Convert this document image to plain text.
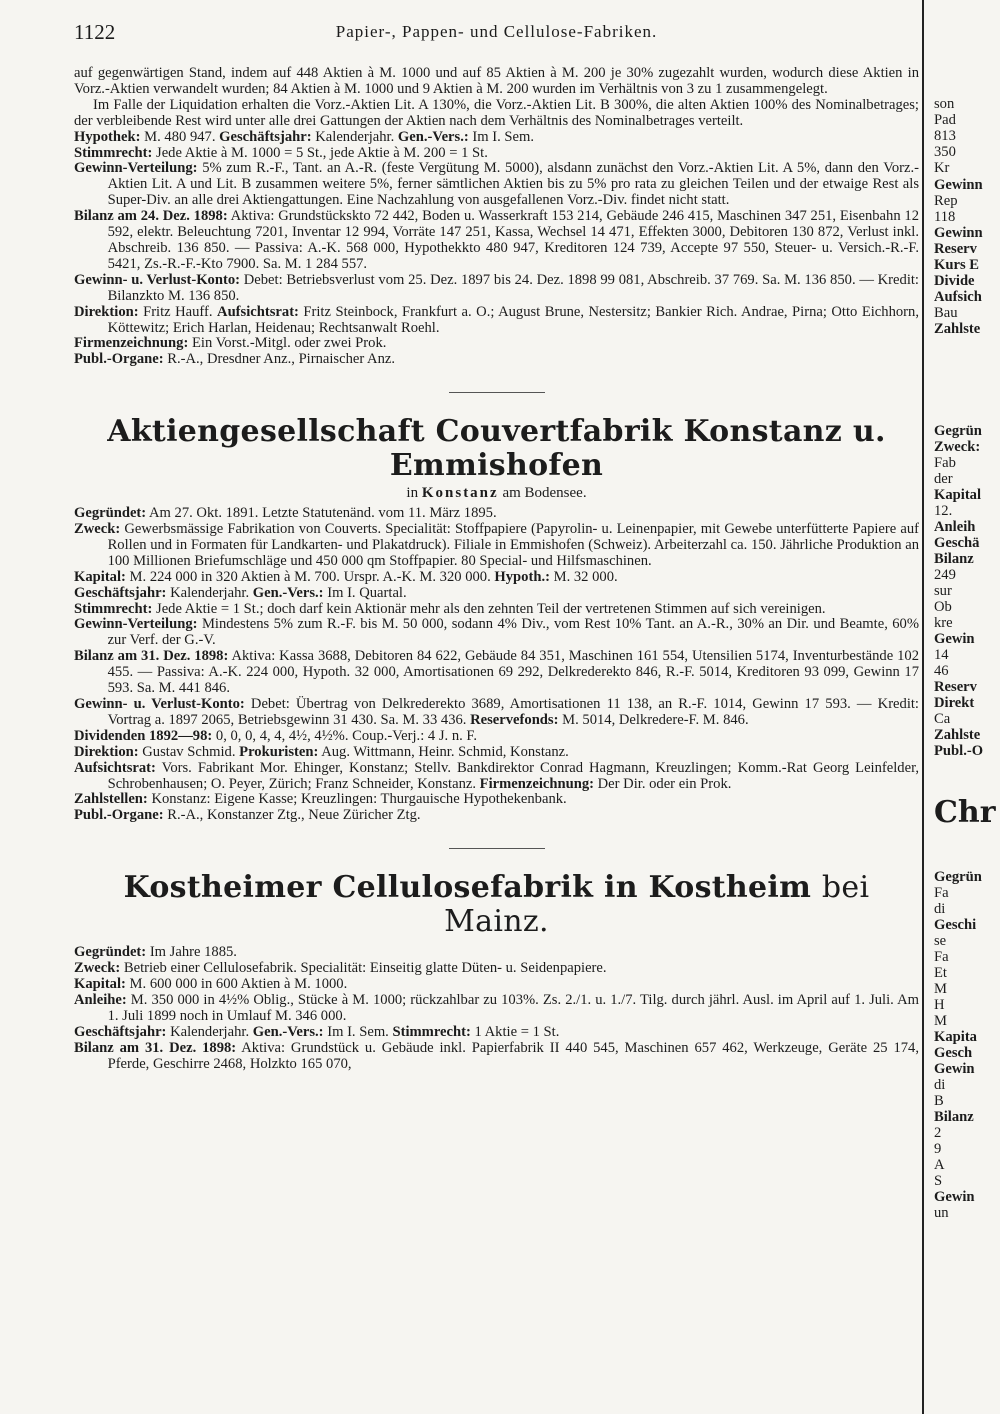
1122	Papier-, Pappen- und Cellulose-Fabriken.

auf gegenwärtigen Stand, indem auf 448 Aktien à M. 1000 und auf 85 Aktien à M. 200 je 30% zugezahlt wurden, wodurch diese Aktien in Vorz.-Aktien verwandelt wurden; 84 Aktien à M. 1000 und 9 Aktien à M. 200 wurden im Verhältnis von 3 zu 1 zusammengelegt.

Im Falle der Liquidation erhalten die Vorz.-Aktien Lit. A 130%, die Vorz.-Aktien Lit. B 300%, die alten Aktien 100% des Nominalbetrages; der verbleibende Rest wird unter alle drei Gattungen der Aktien nach dem Verhältnis des Nominalbetrages verteilt.

Hypothek: M. 480 947. Geschäftsjahr: Kalenderjahr. Gen.-Vers.: Im I. Sem.

Stimmrecht: Jede Aktie à M. 1000 = 5 St., jede Aktie à M. 200 = 1 St.

Gewinn-Verteilung: 5% zum R.-F., Tant. an A.-R. (feste Vergütung M. 5000), alsdann zunächst den Vorz.-Aktien Lit. A 5%, dann den Vorz.-Aktien Lit. A und Lit. B zusammen weitere 5%, ferner sämtlichen Aktien bis zu 5% pro rata zu gleichen Teilen und der etwaige Rest als Super-Div. an alle drei Aktiengattungen. Eine Nachzahlung von ausgefallenen Vorz.-Div. findet nicht statt.

Bilanz am 24. Dez. 1898: Aktiva: Grundstückskto 72 442, Boden u. Wasserkraft 153 214, Gebäude 246 415, Maschinen 347 251, Eisenbahn 12 592, elektr. Beleuchtung 7201, Inventar 12 994, Vorräte 147 251, Kassa, Wechsel 14 471, Effekten 3000, Debitoren 130 872, Verlust inkl. Abschreib. 136 850. — Passiva: A.-K. 568 000, Hypothekkto 480 947, Kreditoren 124 739, Accepte 97 550, Steuer- u. Versich.-R.-F. 5421, Zs.-R.-F.-Kto 7900. Sa. M. 1 284 557.

Gewinn- u. Verlust-Konto: Debet: Betriebsverlust vom 25. Dez. 1897 bis 24. Dez. 1898 99 081, Abschreib. 37 769. Sa. M. 136 850. — Kredit: Bilanzkto M. 136 850.

Direktion: Fritz Hauff. Aufsichtsrat: Fritz Steinbock, Frankfurt a. O.; August Brune, Nestersitz; Bankier Rich. Andrae, Pirna; Otto Eichhorn, Köttewitz; Erich Harlan, Heidenau; Rechtsanwalt Roehl.

Firmenzeichnung: Ein Vorst.-Mitgl. oder zwei Prok.

Publ.-Organe: R.-A., Dresdner Anz., Pirnaischer Anz.

Aktiengesellschaft Couvertfabrik Konstanz u. Emmishofen
in Konstanz am Bodensee.

Gegründet: Am 27. Okt. 1891. Letzte Statutenänd. vom 11. März 1895.

Zweck: Gewerbsmässige Fabrikation von Couverts. Specialität: Stoffpapiere (Papyrolin- u. Leinenpapier, mit Gewebe unterfütterte Papiere auf Rollen und in Formaten für Landkarten- und Plakatdruck). Filiale in Emmishofen (Schweiz). Arbeiterzahl ca. 150. Jährliche Produktion an 100 Millionen Briefumschläge und 450 000 qm Stoffpapier. 80 Special- und Hilfsmaschinen.

Kapital: M. 224 000 in 320 Aktien à M. 700. Urspr. A.-K. M. 320 000. Hypoth.: M. 32 000.

Geschäftsjahr: Kalenderjahr. Gen.-Vers.: Im I. Quartal.

Stimmrecht: Jede Aktie = 1 St.; doch darf kein Aktionär mehr als den zehnten Teil der vertretenen Stimmen auf sich vereinigen.

Gewinn-Verteilung: Mindestens 5% zum R.-F. bis M. 50 000, sodann 4% Div., vom Rest 10% Tant. an A.-R., 30% an Dir. und Beamte, 60% zur Verf. der G.-V.

Bilanz am 31. Dez. 1898: Aktiva: Kassa 3688, Debitoren 84 622, Gebäude 84 351, Maschinen 161 554, Utensilien 5174, Inventurbestände 102 455. — Passiva: A.-K. 224 000, Hypoth. 32 000, Amortisationen 69 292, Delkrederekto 846, R.-F. 5014, Kreditoren 93 099, Gewinn 17 593. Sa. M. 441 846.

Gewinn- u. Verlust-Konto: Debet: Übertrag von Delkrederekto 3689, Amortisationen 11 138, an R.-F. 1014, Gewinn 17 593. — Kredit: Vortrag a. 1897 2065, Betriebsgewinn 31 430. Sa. M. 33 436. Reservefonds: M. 5014, Delkredere-F. M. 846.

Dividenden 1892—98: 0, 0, 0, 4, 4, 4½, 4½%. Coup.-Verj.: 4 J. n. F.

Direktion: Gustav Schmid. Prokuristen: Aug. Wittmann, Heinr. Schmid, Konstanz.

Aufsichtsrat: Vors. Fabrikant Mor. Ehinger, Konstanz; Stellv. Bankdirektor Conrad Hagmann, Kreuzlingen; Komm.-Rat Georg Leinfelder, Schrobenhausen; O. Peyer, Zürich; Franz Schneider, Konstanz. Firmenzeichnung: Der Dir. oder ein Prok.

Zahlstellen: Konstanz: Eigene Kasse; Kreuzlingen: Thurgauische Hypothekenbank.

Publ.-Organe: R.-A., Konstanzer Ztg., Neue Züricher Ztg.

Kostheimer Cellulosefabrik in Kostheim bei Mainz.

Gegründet: Im Jahre 1885.

Zweck: Betrieb einer Cellulosefabrik. Specialität: Einseitig glatte Düten- u. Seidenpapiere.

Kapital: M. 600 000 in 600 Aktien à M. 1000.

Anleihe: M. 350 000 in 4½% Oblig., Stücke à M. 1000; rückzahlbar zu 103%. Zs. 2./1. u. 1./7. Tilg. durch jährl. Ausl. im April auf 1. Juli. Am 1. Juli 1899 noch in Umlauf M. 346 000.

Geschäftsjahr: Kalenderjahr. Gen.-Vers.: Im I. Sem. Stimmrecht: 1 Aktie = 1 St.

Bilanz am 31. Dez. 1898: Aktiva: Grundstück u. Gebäude inkl. Papierfabrik II 440 545, Maschinen 657 462, Werkzeuge, Geräte 25 174, Pferde, Geschirre 2468, Holzkto 165 070,

son
Pad
813
350
Kr
Gewinn
Rep
118
Gewinn
Reserv
Kurs E
Divide
Aufsich
Bau
Zahlste
Gegrün
Zweck:
Fab
der
Kapital
12.
Anleih
Geschä
Bilanz
249
sur
Ob
kre
Gewin
14
46
Reserv
Direkt
Ca
Zahlste
Publ.-O
Chr
Gegrün
Fa
di
Geschi
se
Fa
Et
M
H
M
Kapita
Gesch
Gewin
di
B
Bilanz
2
9
A
S
Gewin
un
